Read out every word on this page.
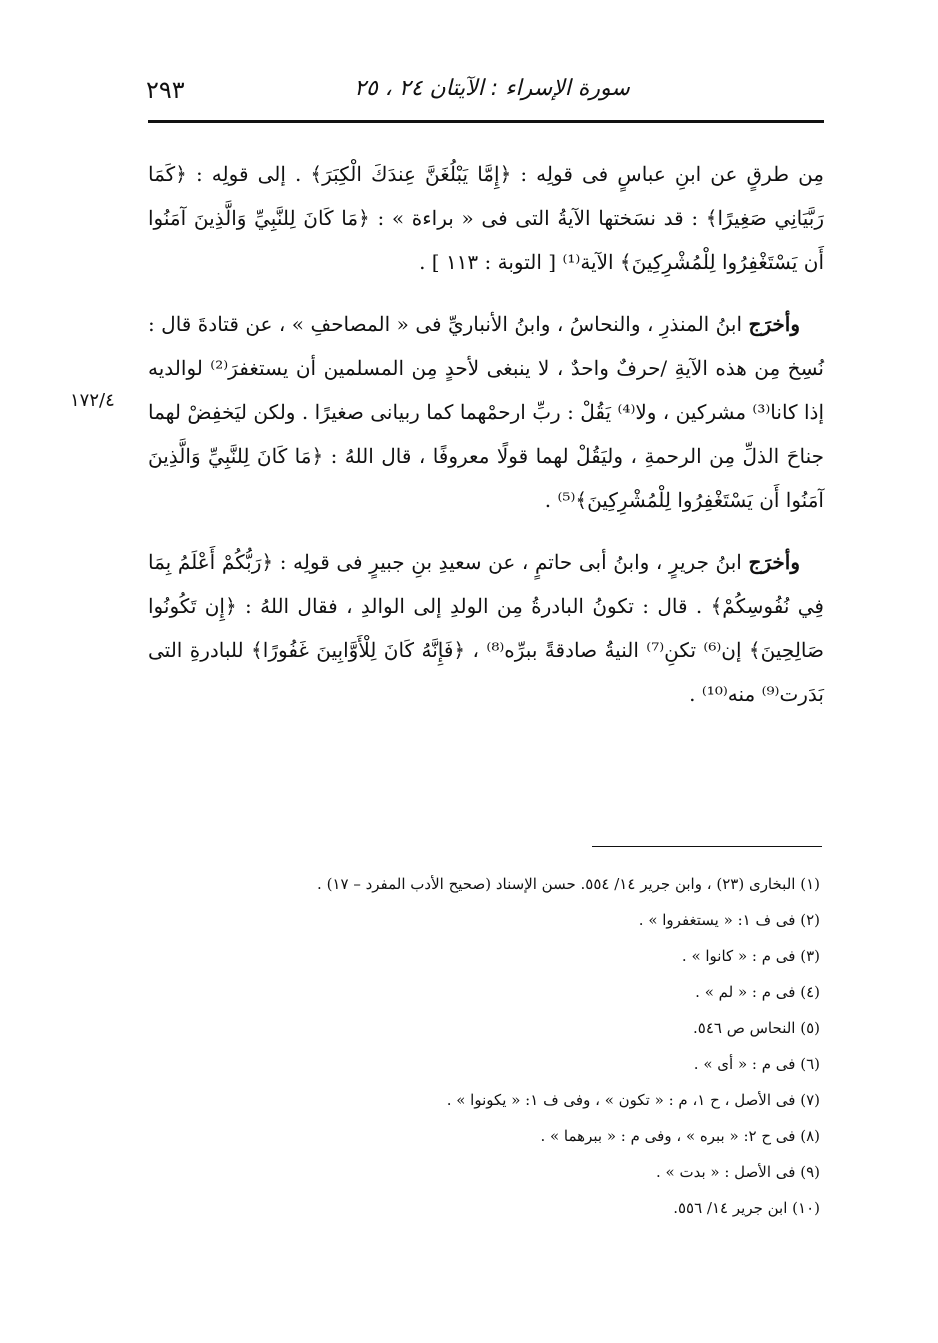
٢٩٣	سورة الإسراء : الآيتان ٢٤ ، ٢٥
١٧٢/٤

مِن طرقٍ عن ابنِ عباسٍ فى قولِه : ﴿إِمَّا يَبْلُغَنَّ عِندَكَ الْكِبَرَ﴾ . إلى قولِه : ﴿كَمَا رَبَّيَانِي صَغِيرًا﴾ : قد نسَختها الآيةُ التى فى « براءة » : ﴿مَا كَانَ لِلنَّبِيِّ وَالَّذِينَ آمَنُوا أَن يَسْتَغْفِرُوا لِلْمُشْرِكِينَ﴾ الآية⁽¹⁾ [ التوبة : ١١٣ ] .

وأخرَج ابنُ المنذرِ ، والنحاسُ ، وابنُ الأنباريِّ فى « المصاحفِ » ، عن قتادةَ قال : نُسِخ مِن هذه الآيةِ /حرفٌ واحدٌ ، لا ينبغى لأحدٍ مِن المسلمين أن يستغفرَ⁽²⁾ لوالديه إذا كانا⁽³⁾ مشركين ، ولا⁽⁴⁾ يَقُلْ : ربِّ ارحمْهما كما ربيانى صغيرًا . ولكن ليَخفِضْ لهما جناحَ الذلِّ مِن الرحمةِ ، وليَقُلْ لهما قولًا معروفًا ، قال اللهُ : ﴿مَا كَانَ لِلنَّبِيِّ وَالَّذِينَ آمَنُوا أَن يَسْتَغْفِرُوا لِلْمُشْرِكِينَ﴾⁽⁵⁾ .

وأخرَج ابنُ جريرٍ ، وابنُ أبى حاتمٍ ، عن سعيدِ بنِ جبيرٍ فى قولِه : ﴿رَبُّكُمْ أَعْلَمُ بِمَا فِي نُفُوسِكُمْ﴾ . قال : تكونُ البادرةُ مِن الولدِ إلى الوالدِ ، فقال اللهُ : ﴿إِن تَكُونُوا صَالِحِينَ﴾ إن⁽⁶⁾ تكنِ⁽⁷⁾ النيةُ صادقةً ببرِّه⁽⁸⁾ ، ﴿فَإِنَّهُ كَانَ لِلْأَوَّابِينَ غَفُورًا﴾ للبادرةِ التى بَدَرت⁽⁹⁾ منه⁽¹⁰⁾ .

(١) البخارى (٢٣) ، وابن جرير ١٤/ ٥٥٤. حسن الإسناد (صحيح الأدب المفرد – ١٧) .
(٢) فى ف ١: « يستغفروا » .
(٣) فى م : « كانوا » .
(٤) فى م : « لم » .
(٥) النحاس ص ٥٤٦.
(٦) فى م : « أى » .
(٧) فى الأصل ، ح ١، م : « تكون » ، وفى ف ١: « يكونوا » .
(٨) فى ح ٢: « ببره » ، وفى م : « ببرهما » .
(٩) فى الأصل : « بدت » .
(١٠) ابن جرير ١٤/ ٥٥٦.
